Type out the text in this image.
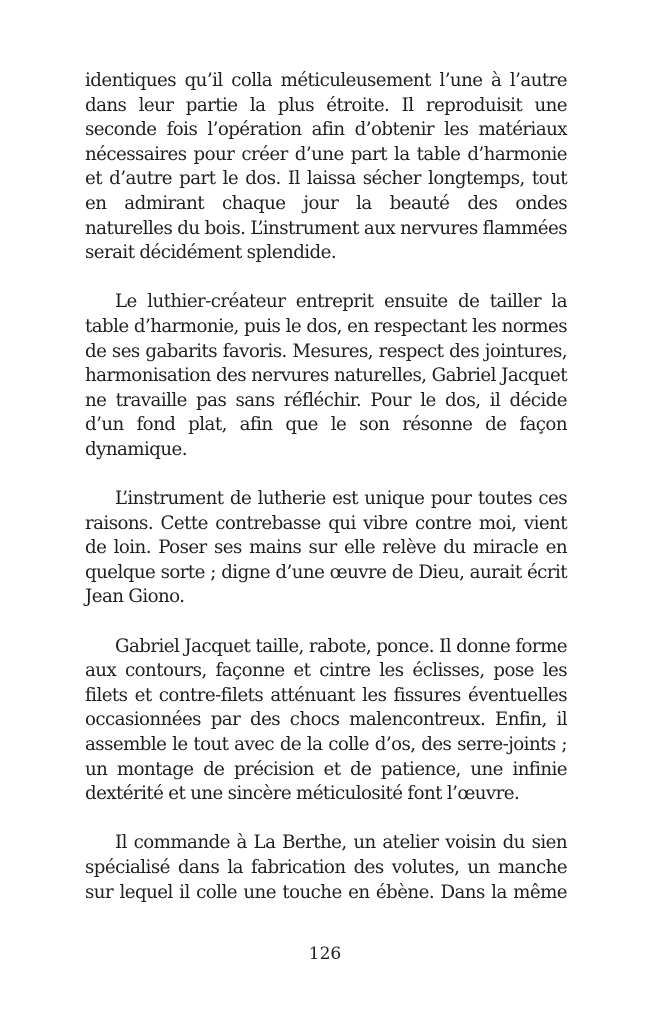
identiques qu’il colla méticuleusement l’une à l’autre dans leur partie la plus étroite. Il reproduisit une seconde fois l’opération afin d’obtenir les matériaux nécessaires pour créer d’une part la table d’harmonie et d’autre part le dos. Il laissa sécher longtemps, tout en admirant chaque jour la beauté des ondes naturelles du bois. L’instrument aux nervures flammées serait décidément splendide.

Le luthier-créateur entreprit ensuite de tailler la table d’harmonie, puis le dos, en respectant les normes de ses gabarits favoris. Mesures, respect des jointures, harmonisation des nervures naturelles, Gabriel Jacquet ne travaille pas sans réfléchir. Pour le dos, il décide d’un fond plat, afin que le son résonne de façon dynamique.

L’instrument de lutherie est unique pour toutes ces raisons. Cette contrebasse qui vibre contre moi, vient de loin. Poser ses mains sur elle relève du miracle en quelque sorte ; digne d’une œuvre de Dieu, aurait écrit Jean Giono.

Gabriel Jacquet taille, rabote, ponce. Il donne forme aux contours, façonne et cintre les éclisses, pose les filets et contre-filets atténuant les fissures éventuelles occasionnées par des chocs malencontreux. Enfin, il assemble le tout avec de la colle d’os, des serre-joints ; un montage de précision et de patience, une infinie dextérité et une sincère méticulosité font l’œuvre.

Il commande à La Berthe, un atelier voisin du sien spécialisé dans la fabrication des volutes, un manche sur lequel il colle une touche en ébène. Dans la même

126
